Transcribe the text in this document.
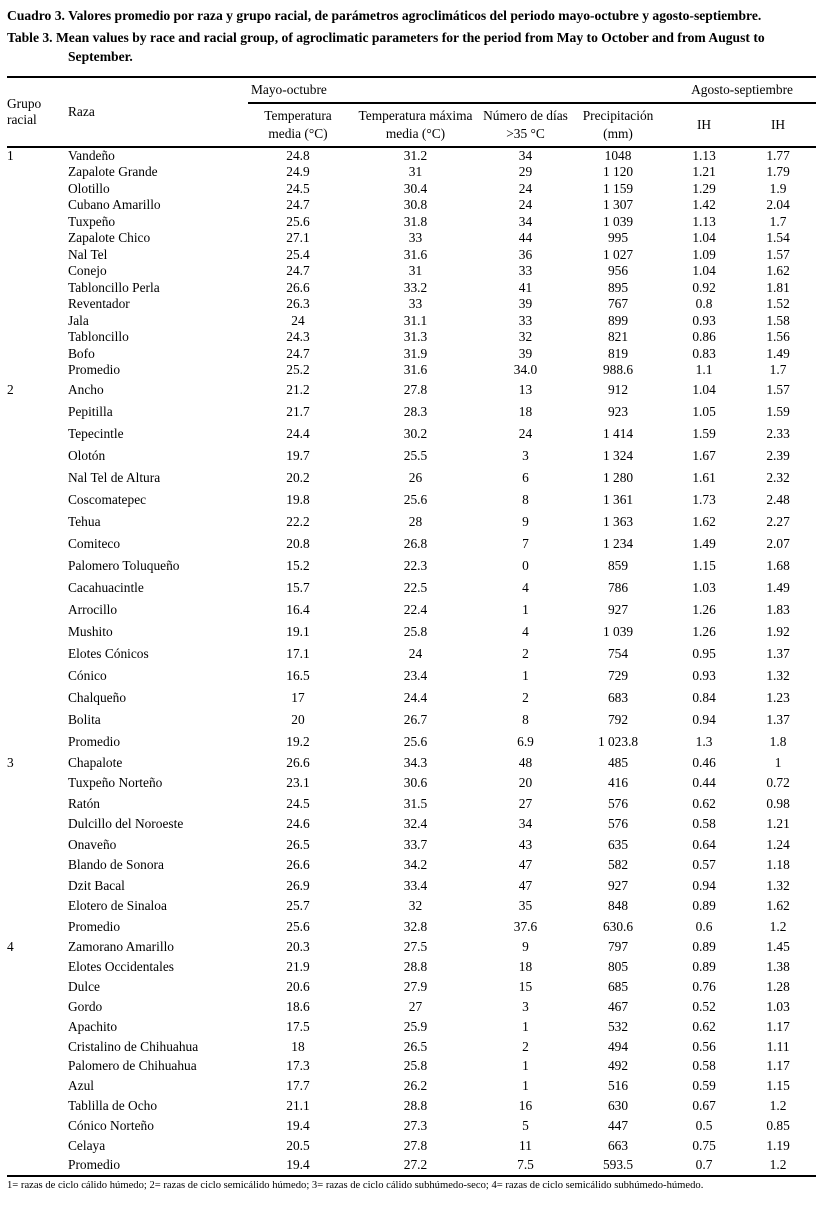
Cuadro 3. Valores promedio por raza y grupo racial, de parámetros agroclimáticos del periodo mayo-octubre y agosto-septiembre.

Table 3. Mean values by race and racial group, of agroclimatic parameters for the period from May to October and from August to September.

Grupo racial	Raza	Mayo-octubre				Agosto-septiembre	
		Temperatura media (°C)	Temperatura máxima media (°C)	Número de días >35 °C	Precipitación (mm)	IH	IH
1	Vandeño	24.8	31.2	34	1048	1.13	1.77
	Zapalote Grande	24.9	31	29	1 120	1.21	1.79
	Olotillo	24.5	30.4	24	1 159	1.29	1.9
	Cubano Amarillo	24.7	30.8	24	1 307	1.42	2.04
	Tuxpeño	25.6	31.8	34	1 039	1.13	1.7
	Zapalote Chico	27.1	33	44	995	1.04	1.54
	Nal Tel	25.4	31.6	36	1 027	1.09	1.57
	Conejo	24.7	31	33	956	1.04	1.62
	Tabloncillo Perla	26.6	33.2	41	895	0.92	1.81
	Reventador	26.3	33	39	767	0.8	1.52
	Jala	24	31.1	33	899	0.93	1.58
	Tabloncillo	24.3	31.3	32	821	0.86	1.56
	Bofo	24.7	31.9	39	819	0.83	1.49
	Promedio	25.2	31.6	34.0	988.6	1.1	1.7
2	Ancho	21.2	27.8	13	912	1.04	1.57
	Pepitilla	21.7	28.3	18	923	1.05	1.59
	Tepecintle	24.4	30.2	24	1 414	1.59	2.33
	Olotón	19.7	25.5	3	1 324	1.67	2.39
	Nal Tel de Altura	20.2	26	6	1 280	1.61	2.32
	Coscomatepec	19.8	25.6	8	1 361	1.73	2.48
	Tehua	22.2	28	9	1 363	1.62	2.27
	Comiteco	20.8	26.8	7	1 234	1.49	2.07
	Palomero Toluqueño	15.2	22.3	0	859	1.15	1.68
	Cacahuacintle	15.7	22.5	4	786	1.03	1.49
	Arrocillo	16.4	22.4	1	927	1.26	1.83
	Mushito	19.1	25.8	4	1 039	1.26	1.92
	Elotes Cónicos	17.1	24	2	754	0.95	1.37
	Cónico	16.5	23.4	1	729	0.93	1.32
	Chalqueño	17	24.4	2	683	0.84	1.23
	Bolita	20	26.7	8	792	0.94	1.37
	Promedio	19.2	25.6	6.9	1 023.8	1.3	1.8
3	Chapalote	26.6	34.3	48	485	0.46	1
	Tuxpeño Norteño	23.1	30.6	20	416	0.44	0.72
	Ratón	24.5	31.5	27	576	0.62	0.98
	Dulcillo del Noroeste	24.6	32.4	34	576	0.58	1.21
	Onaveño	26.5	33.7	43	635	0.64	1.24
	Blando de Sonora	26.6	34.2	47	582	0.57	1.18
	Dzit Bacal	26.9	33.4	47	927	0.94	1.32
	Elotero de Sinaloa	25.7	32	35	848	0.89	1.62
	Promedio	25.6	32.8	37.6	630.6	0.6	1.2
4	Zamorano Amarillo	20.3	27.5	9	797	0.89	1.45
	Elotes Occidentales	21.9	28.8	18	805	0.89	1.38
	Dulce	20.6	27.9	15	685	0.76	1.28
	Gordo	18.6	27	3	467	0.52	1.03
	Apachito	17.5	25.9	1	532	0.62	1.17
	Cristalino de Chihuahua	18	26.5	2	494	0.56	1.11
	Palomero de Chihuahua	17.3	25.8	1	492	0.58	1.17
	Azul	17.7	26.2	1	516	0.59	1.15
	Tablilla de Ocho	21.1	28.8	16	630	0.67	1.2
	Cónico Norteño	19.4	27.3	5	447	0.5	0.85
	Celaya	20.5	27.8	11	663	0.75	1.19
	Promedio	19.4	27.2	7.5	593.5	0.7	1.2

1= razas de ciclo cálido húmedo; 2= razas de ciclo semicálido húmedo; 3= razas de ciclo cálido subhúmedo-seco; 4= razas de ciclo semicálido subhúmedo-húmedo.
